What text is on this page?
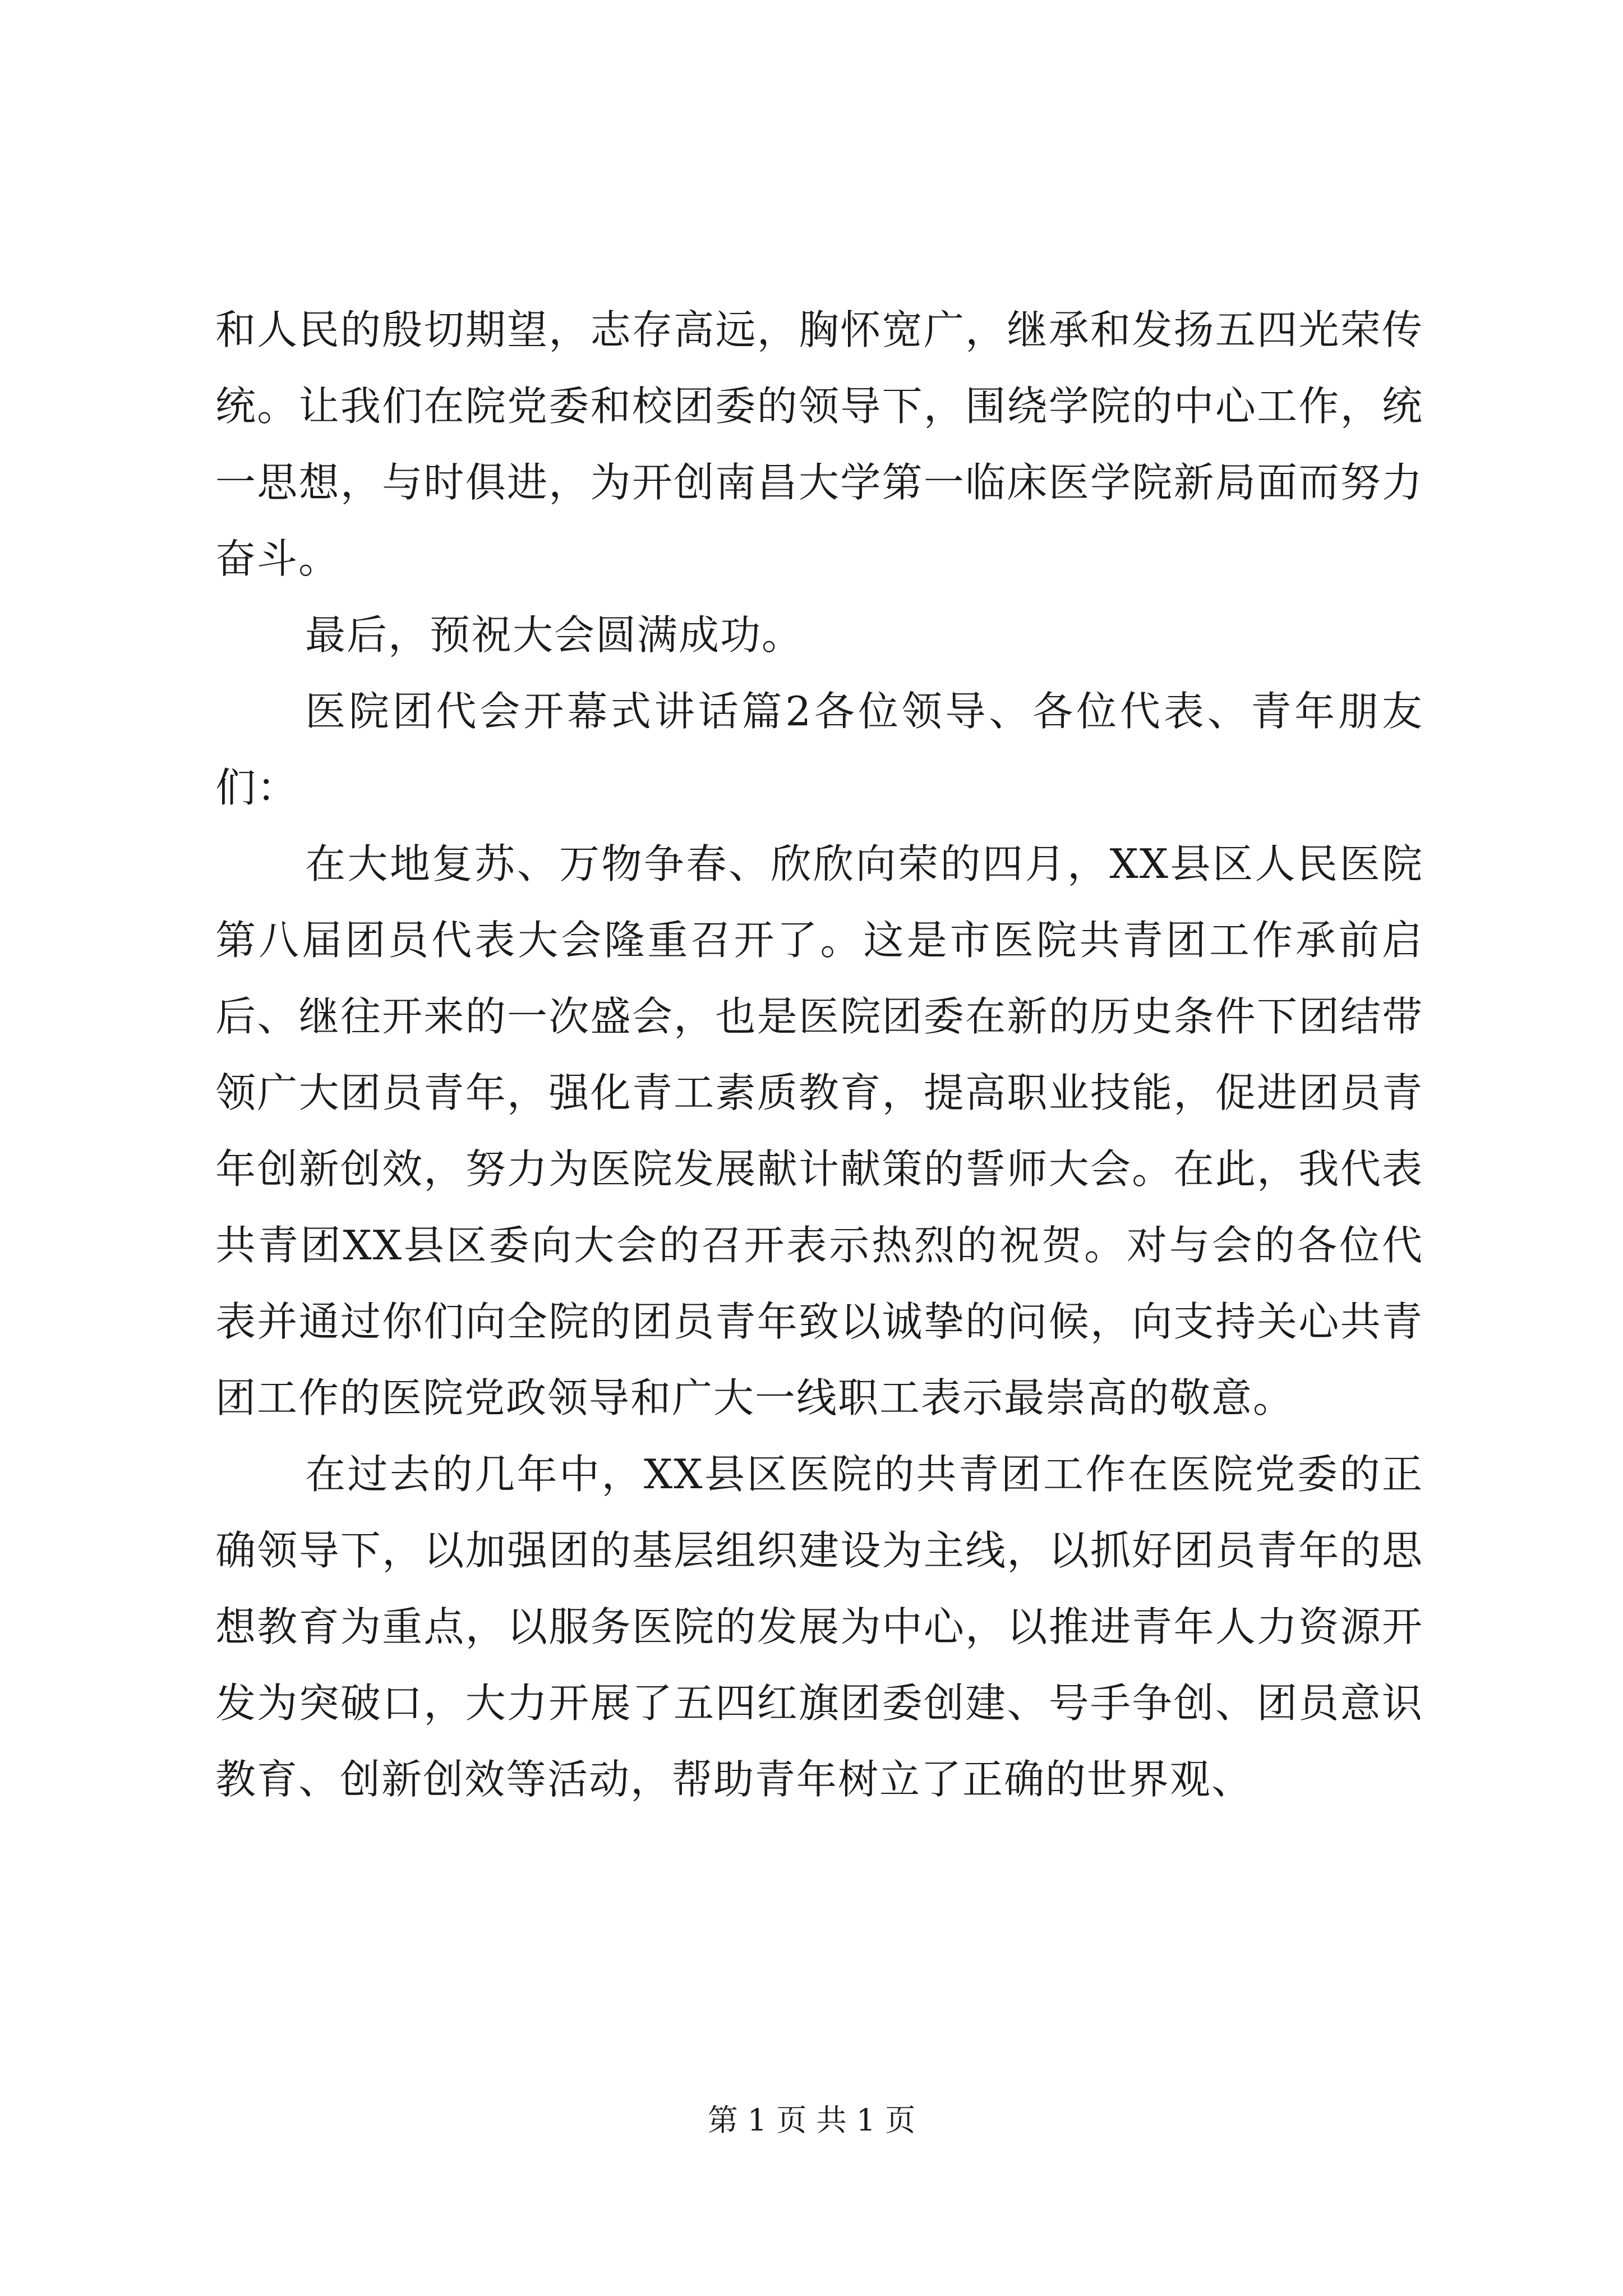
和人民的殷切期望，志存高远，胸怀宽广，继承和发扬五四光荣传统。让我们在院党委和校团委的领导下，围绕学院的中心工作，统一思想，与时俱进，为开创南昌大学第一临床医学院新局面而努力奋斗。

最后，预祝大会圆满成功。

医院团代会开幕式讲话篇2各位领导、各位代表、青年朋友们：

在大地复苏、万物争春、欣欣向荣的四月，XX县区人民医院第八届团员代表大会隆重召开了。这是市医院共青团工作承前启后、继往开来的一次盛会，也是医院团委在新的历史条件下团结带领广大团员青年，强化青工素质教育，提高职业技能，促进团员青年创新创效，努力为医院发展献计献策的誓师大会。在此，我代表共青团XX县区委向大会的召开表示热烈的祝贺。对与会的各位代表并通过你们向全院的团员青年致以诚挚的问候，向支持关心共青团工作的医院党政领导和广大一线职工表示最崇高的敬意。

在过去的几年中，XX县区医院的共青团工作在医院党委的正确领导下，以加强团的基层组织建设为主线，以抓好团员青年的思想教育为重点，以服务医院的发展为中心，以推进青年人力资源开发为突破口，大力开展了五四红旗团委创建、号手争创、团员意识教育、创新创效等活动，帮助青年树立了正确的世界观、

第 1 页 共 1 页
